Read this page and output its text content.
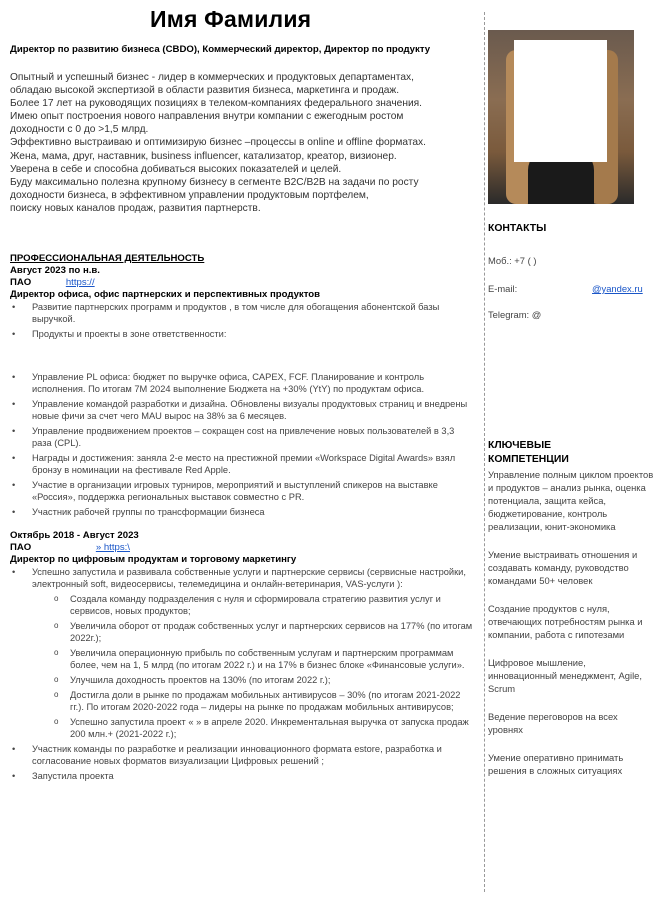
Имя Фамилия
Директор по развитию бизнеса (CBDO), Коммерческий директор, Директор по продукту
Опытный и успешный бизнес - лидер в коммерческих и продуктовых департаментах,
обладаю высокой экспертизой в области развития бизнеса, маркетинга и продаж.
Более 17 лет на руководящих позициях в телеком-компаниях федерального значения.
Имею опыт построения нового направления внутри компании с ежегодным ростом
доходности с 0 до >1,5 млрд.
Эффективно выстраиваю и оптимизирую бизнес –процессы в online и offline форматах.
Жена, мама, друг, наставник, business influencer, катализатор, креатор, визионер.
Уверена в себе и способна добиваться высоких показателей и целей.
Буду максимально полезна крупному бизнесу в сегменте B2C/B2B на задачи по росту
доходности бизнеса, в эффективном управлении продуктовым портфелем,
поиску новых каналов продаж, развития партнерств.
ПРОФЕССИОНАЛЬНАЯ ДЕЯТЕЛЬНОСТЬ
Август 2023 по н.в.
ПАО	https://
Директор офиса, офис партнерских и перспективных продуктов
• Развитие партнерских программ и продуктов , в том числе для обогащения абонентской базы выручкой.
• Продукты и проекты в зоне ответственности:
• Управление PL офиса: бюджет по выручке офиса, CAPEX, FCF. Планирование и контроль исполнения. По итогам 7М 2024 выполнение Бюджета на +30% (YtY) по продуктам офиса.
• Управление командой разработки и дизайна. Обновлены визуалы продуктовых страниц и внедрены новые фичи за счет чего MAU вырос на 38% за 6 месяцев.
• Управление продвижением проектов – сокращен cost на привлечение новых пользователей в 3,3 раза (CPL).
• Награды и достижения: заняла 2-е место на престижной премии «Workspace Digital Awards» взял бронзу в номинации на фестивале Red Apple.
• Участие в организации игровых турниров, мероприятий и выступлений спикеров на выставке «Россия», поддержка региональных выставок совместно с PR.
• Участник рабочей группы по трансформации бизнеса
Октябрь 2018 - Август 2023
ПАО	» https:\
Директор по цифровым продуктам и торговому маркетингу
• Успешно запустила и развивала собственные услуги и партнерские сервисы (сервисные настройки, электронный soft, видеосервисы, телемедицина и онлайн-ветеринария, VAS-услуги ):
o Создала команду подразделения с нуля и сформировала стратегию развития услуг и сервисов, новых продуктов;
o Увеличила оборот от продаж собственных услуг и партнерских сервисов на 177% (по итогам 2022г.);
o Увеличила операционную прибыль по собственным услугам и партнерским программам более, чем на 1, 5 млрд (по итогам 2022 г.) и на 17% в бизнес блоке «Финансовые услуги».
o Улучшила доходность проектов на 130% (по итогам 2022 г.);
o Достигла доли в рынке по продажам мобильных антивирусов – 30% (по итогам 2021-2022 гг.). По итогам 2020-2022 года – лидеры на рынке по продажам мобильных антивирусов;
o Успешно запустила проект « » в апреле 2020. Инкрементальная выручка от запуска продаж 200 млн.+ (2021-2022 г.);
• Участник команды по разработке и реализации инновационного формата estore, разработка и согласование новых форматов визуализации Цифровых решений ;
• Запустила проекта
КОНТАКТЫ
Моб.: +7 ( )
E-mail:	@yandex.ru
Telegram: @
КЛЮЧЕВЫЕ КОМПЕТЕНЦИИ

Управление полным циклом проектов и продуктов – анализ рынка, оценка потенциала, защита кейса, бюджетирование, контроль реализации, юнит-экономика

Умение выстраивать отношения и создавать команду, руководство командами 50+ человек

Создание продуктов с нуля, отвечающих потребностям рынка и компании, работа с гипотезами

Цифровое мышление, инновационный менеджмент, Agile, Scrum

Ведение переговоров на всех уровнях

Умение оперативно принимать решения в сложных ситуациях
